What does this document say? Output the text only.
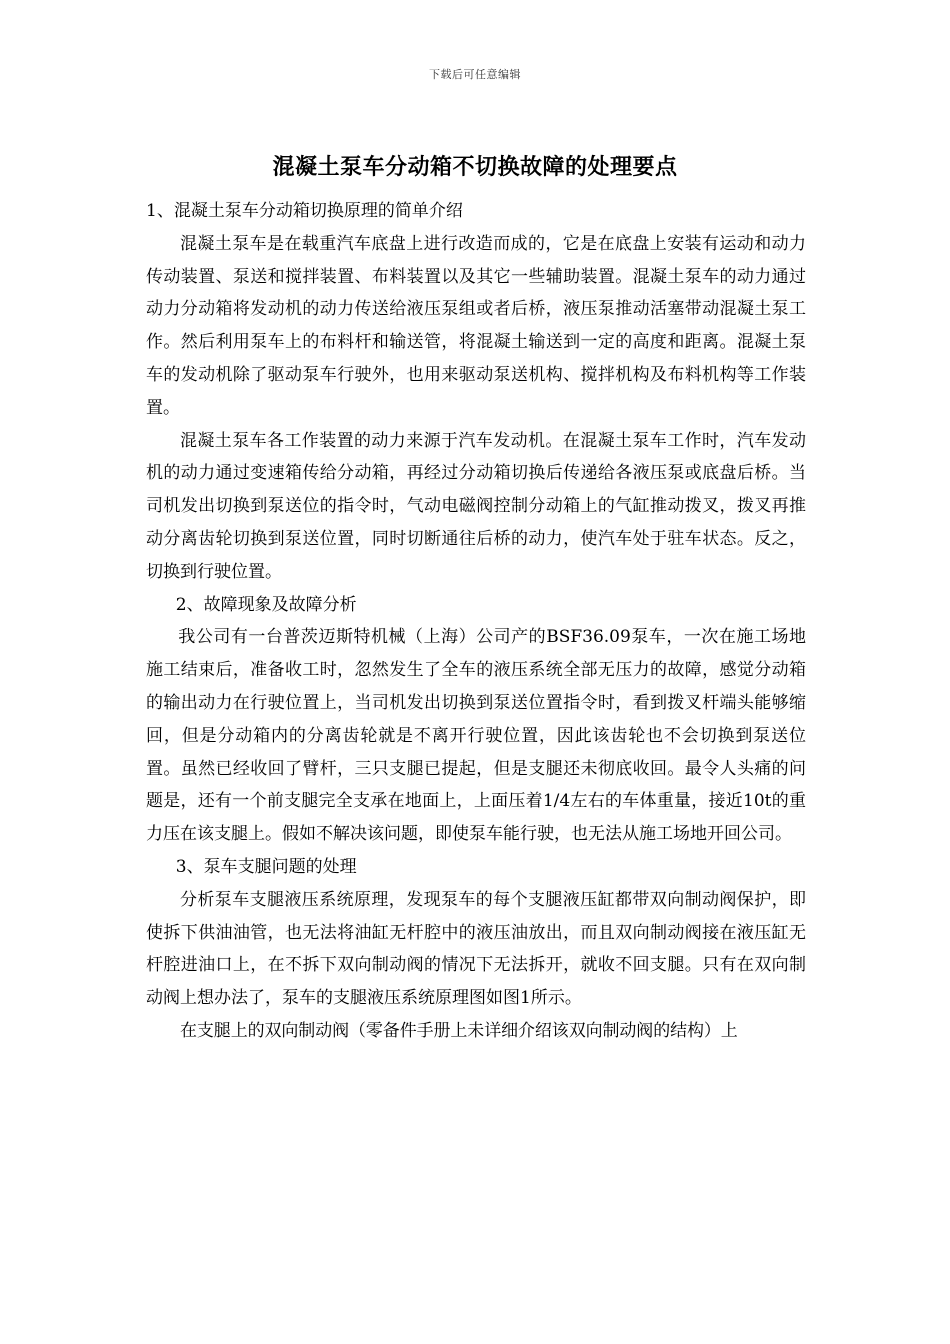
下载后可任意编辑
混凝土泵车分动箱不切换故障的处理要点

1、混凝土泵车分动箱切换原理的简单介绍

混凝土泵车是在载重汽车底盘上进行改造而成的，它是在底盘上安装有运动和动力传动装置、泵送和搅拌装置、布料装置以及其它一些辅助装置。混凝土泵车的动力通过动力分动箱将发动机的动力传送给液压泵组或者后桥，液压泵推动活塞带动混凝土泵工作。然后利用泵车上的布料杆和输送管，将混凝土输送到一定的高度和距离。混凝土泵车的发动机除了驱动泵车行驶外，也用来驱动泵送机构、搅拌机构及布料机构等工作装置。

混凝土泵车各工作装置的动力来源于汽车发动机。在混凝土泵车工作时，汽车发动机的动力通过变速箱传给分动箱，再经过分动箱切换后传递给各液压泵或底盘后桥。当司机发出切换到泵送位的指令时，气动电磁阀控制分动箱上的气缸推动拨叉，拨叉再推动分离齿轮切换到泵送位置，同时切断通往后桥的动力，使汽车处于驻车状态。反之，切换到行驶位置。

2、故障现象及故障分析

我公司有一台普茨迈斯特机械（上海）公司产的BSF36.09泵车，一次在施工场地施工结束后，准备收工时，忽然发生了全车的液压系统全部无压力的故障，感觉分动箱的输出动力在行驶位置上，当司机发出切换到泵送位置指令时，看到拨叉杆端头能够缩回，但是分动箱内的分离齿轮就是不离开行驶位置，因此该齿轮也不会切换到泵送位置。虽然已经收回了臂杆，三只支腿已提起，但是支腿还未彻底收回。最令人头痛的问题是，还有一个前支腿完全支承在地面上，上面压着1/4左右的车体重量，接近10t的重力压在该支腿上。假如不解决该问题，即使泵车能行驶，也无法从施工场地开回公司。

3、泵车支腿问题的处理

分析泵车支腿液压系统原理，发现泵车的每个支腿液压缸都带双向制动阀保护，即使拆下供油油管，也无法将油缸无杆腔中的液压油放出，而且双向制动阀接在液压缸无杆腔进油口上，在不拆下双向制动阀的情况下无法拆开，就收不回支腿。只有在双向制动阀上想办法了，泵车的支腿液压系统原理图如图1所示。

在支腿上的双向制动阀（零备件手册上未详细介绍该双向制动阀的结构）上
